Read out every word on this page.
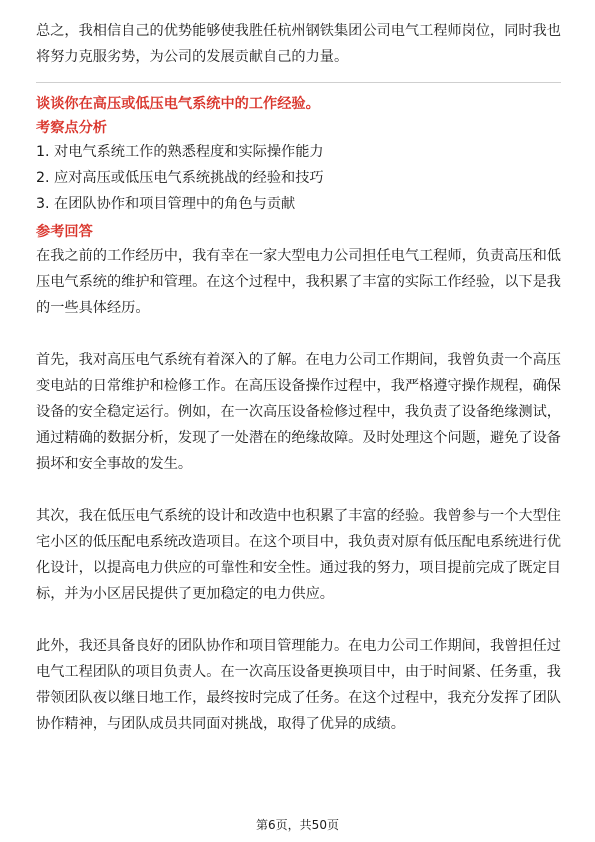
总之，我相信自己的优势能够使我胜任杭州钢铁集团公司电气工程师岗位，同时我也将努力克服劣势，为公司的发展贡献自己的力量。

谈谈你在高压或低压电气系统中的工作经验。

考察点分析

1. 对电气系统工作的熟悉程度和实际操作能力
2. 应对高压或低压电气系统挑战的经验和技巧
3. 在团队协作和项目管理中的角色与贡献

参考回答

在我之前的工作经历中，我有幸在一家大型电力公司担任电气工程师，负责高压和低压电气系统的维护和管理。在这个过程中，我积累了丰富的实际工作经验，以下是我的一些具体经历。

首先，我对高压电气系统有着深入的了解。在电力公司工作期间，我曾负责一个高压变电站的日常维护和检修工作。在高压设备操作过程中，我严格遵守操作规程，确保设备的安全稳定运行。例如，在一次高压设备检修过程中，我负责了设备绝缘测试，通过精确的数据分析，发现了一处潜在的绝缘故障。及时处理这个问题，避免了设备损坏和安全事故的发生。

其次，我在低压电气系统的设计和改造中也积累了丰富的经验。我曾参与一个大型住宅小区的低压配电系统改造项目。在这个项目中，我负责对原有低压配电系统进行优化设计，以提高电力供应的可靠性和安全性。通过我的努力，项目提前完成了既定目标，并为小区居民提供了更加稳定的电力供应。

此外，我还具备良好的团队协作和项目管理能力。在电力公司工作期间，我曾担任过电气工程团队的项目负责人。在一次高压设备更换项目中，由于时间紧、任务重，我带领团队夜以继日地工作，最终按时完成了任务。在这个过程中，我充分发挥了团队协作精神，与团队成员共同面对挑战，取得了优异的成绩。

第6页，共50页
